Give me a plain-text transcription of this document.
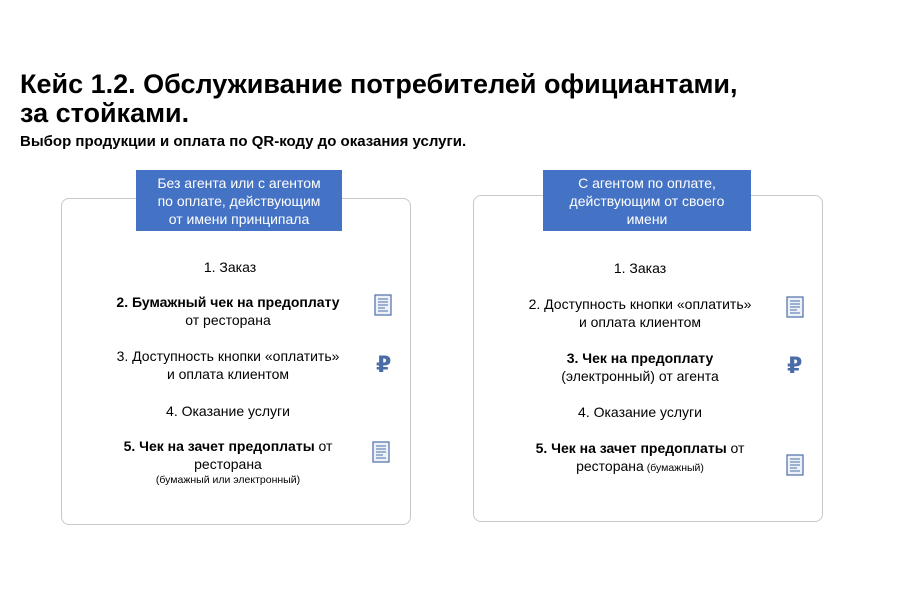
Кейс 1.2. Обслуживание потребителей официантами,
за стойками.

Выбор продукции и оплата по QR-коду до оказания услуги.

Без агента или с агентом
по оплате, действующим
от имени принципала
1. Заказ
2. Бумажный чек на предоплату
от ресторана
3. Доступность кнопки «оплатить»
и оплата клиентом
4. Оказание услуги
5. Чек на зачет предоплаты от
ресторана
(бумажный или электронный)
₽
С агентом по оплате,
действующим от своего
имени
1. Заказ
2. Доступность кнопки «оплатить»
и оплата клиентом
3. Чек на предоплату
(электронный) от агента
4. Оказание услуги
5. Чек на зачет предоплаты от
ресторана (бумажный)
₽
